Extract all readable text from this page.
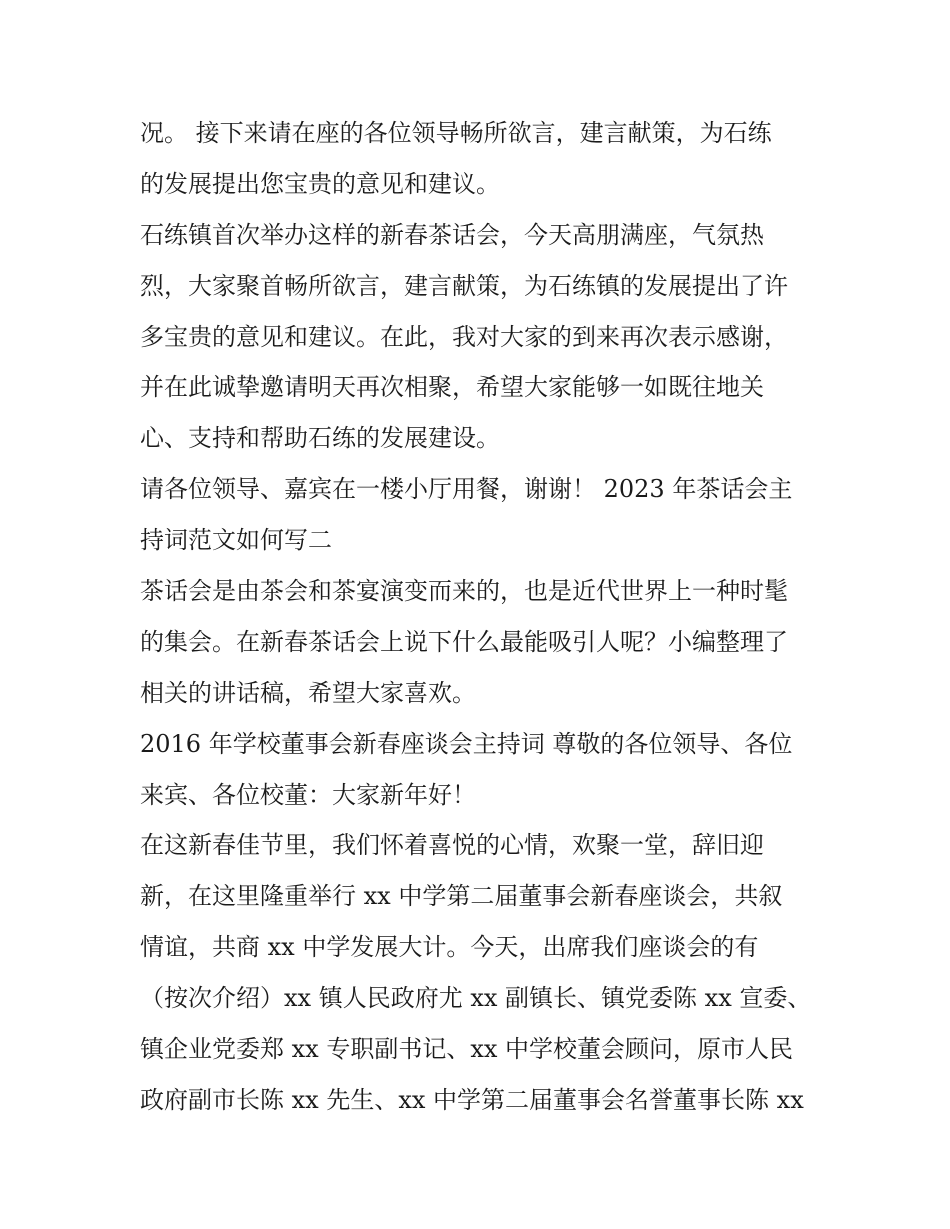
况。 接下来请在座的各位领导畅所欲言，建言献策，为石练
的发展提出您宝贵的意见和建议。
石练镇首次举办这样的新春茶话会，今天高朋满座，气氛热
烈，大家聚首畅所欲言，建言献策，为石练镇的发展提出了许
多宝贵的意见和建议。在此，我对大家的到来再次表示感谢，
并在此诚挚邀请明天再次相聚，希望大家能够一如既往地关
心、支持和帮助石练的发展建设。
请各位领导、嘉宾在一楼小厅用餐，谢谢！ 2023 年茶话会主
持词范文如何写二
茶话会是由茶会和茶宴演变而来的，也是近代世界上一种时髦
的集会。在新春茶话会上说下什么最能吸引人呢？小编整理了
相关的讲话稿，希望大家喜欢。
2016 年学校董事会新春座谈会主持词 尊敬的各位领导、各位
来宾、各位校董：大家新年好！
在这新春佳节里，我们怀着喜悦的心情，欢聚一堂，辞旧迎
新，在这里隆重举行 xx 中学第二届董事会新春座谈会，共叙
情谊，共商 xx 中学发展大计。今天，出席我们座谈会的有
（按次介绍）xx 镇人民政府尤 xx 副镇长、镇党委陈 xx 宣委、
镇企业党委郑 xx 专职副书记、xx 中学校董会顾问，原市人民
政府副市长陈 xx 先生、xx 中学第二届董事会名誉董事长陈 xx
